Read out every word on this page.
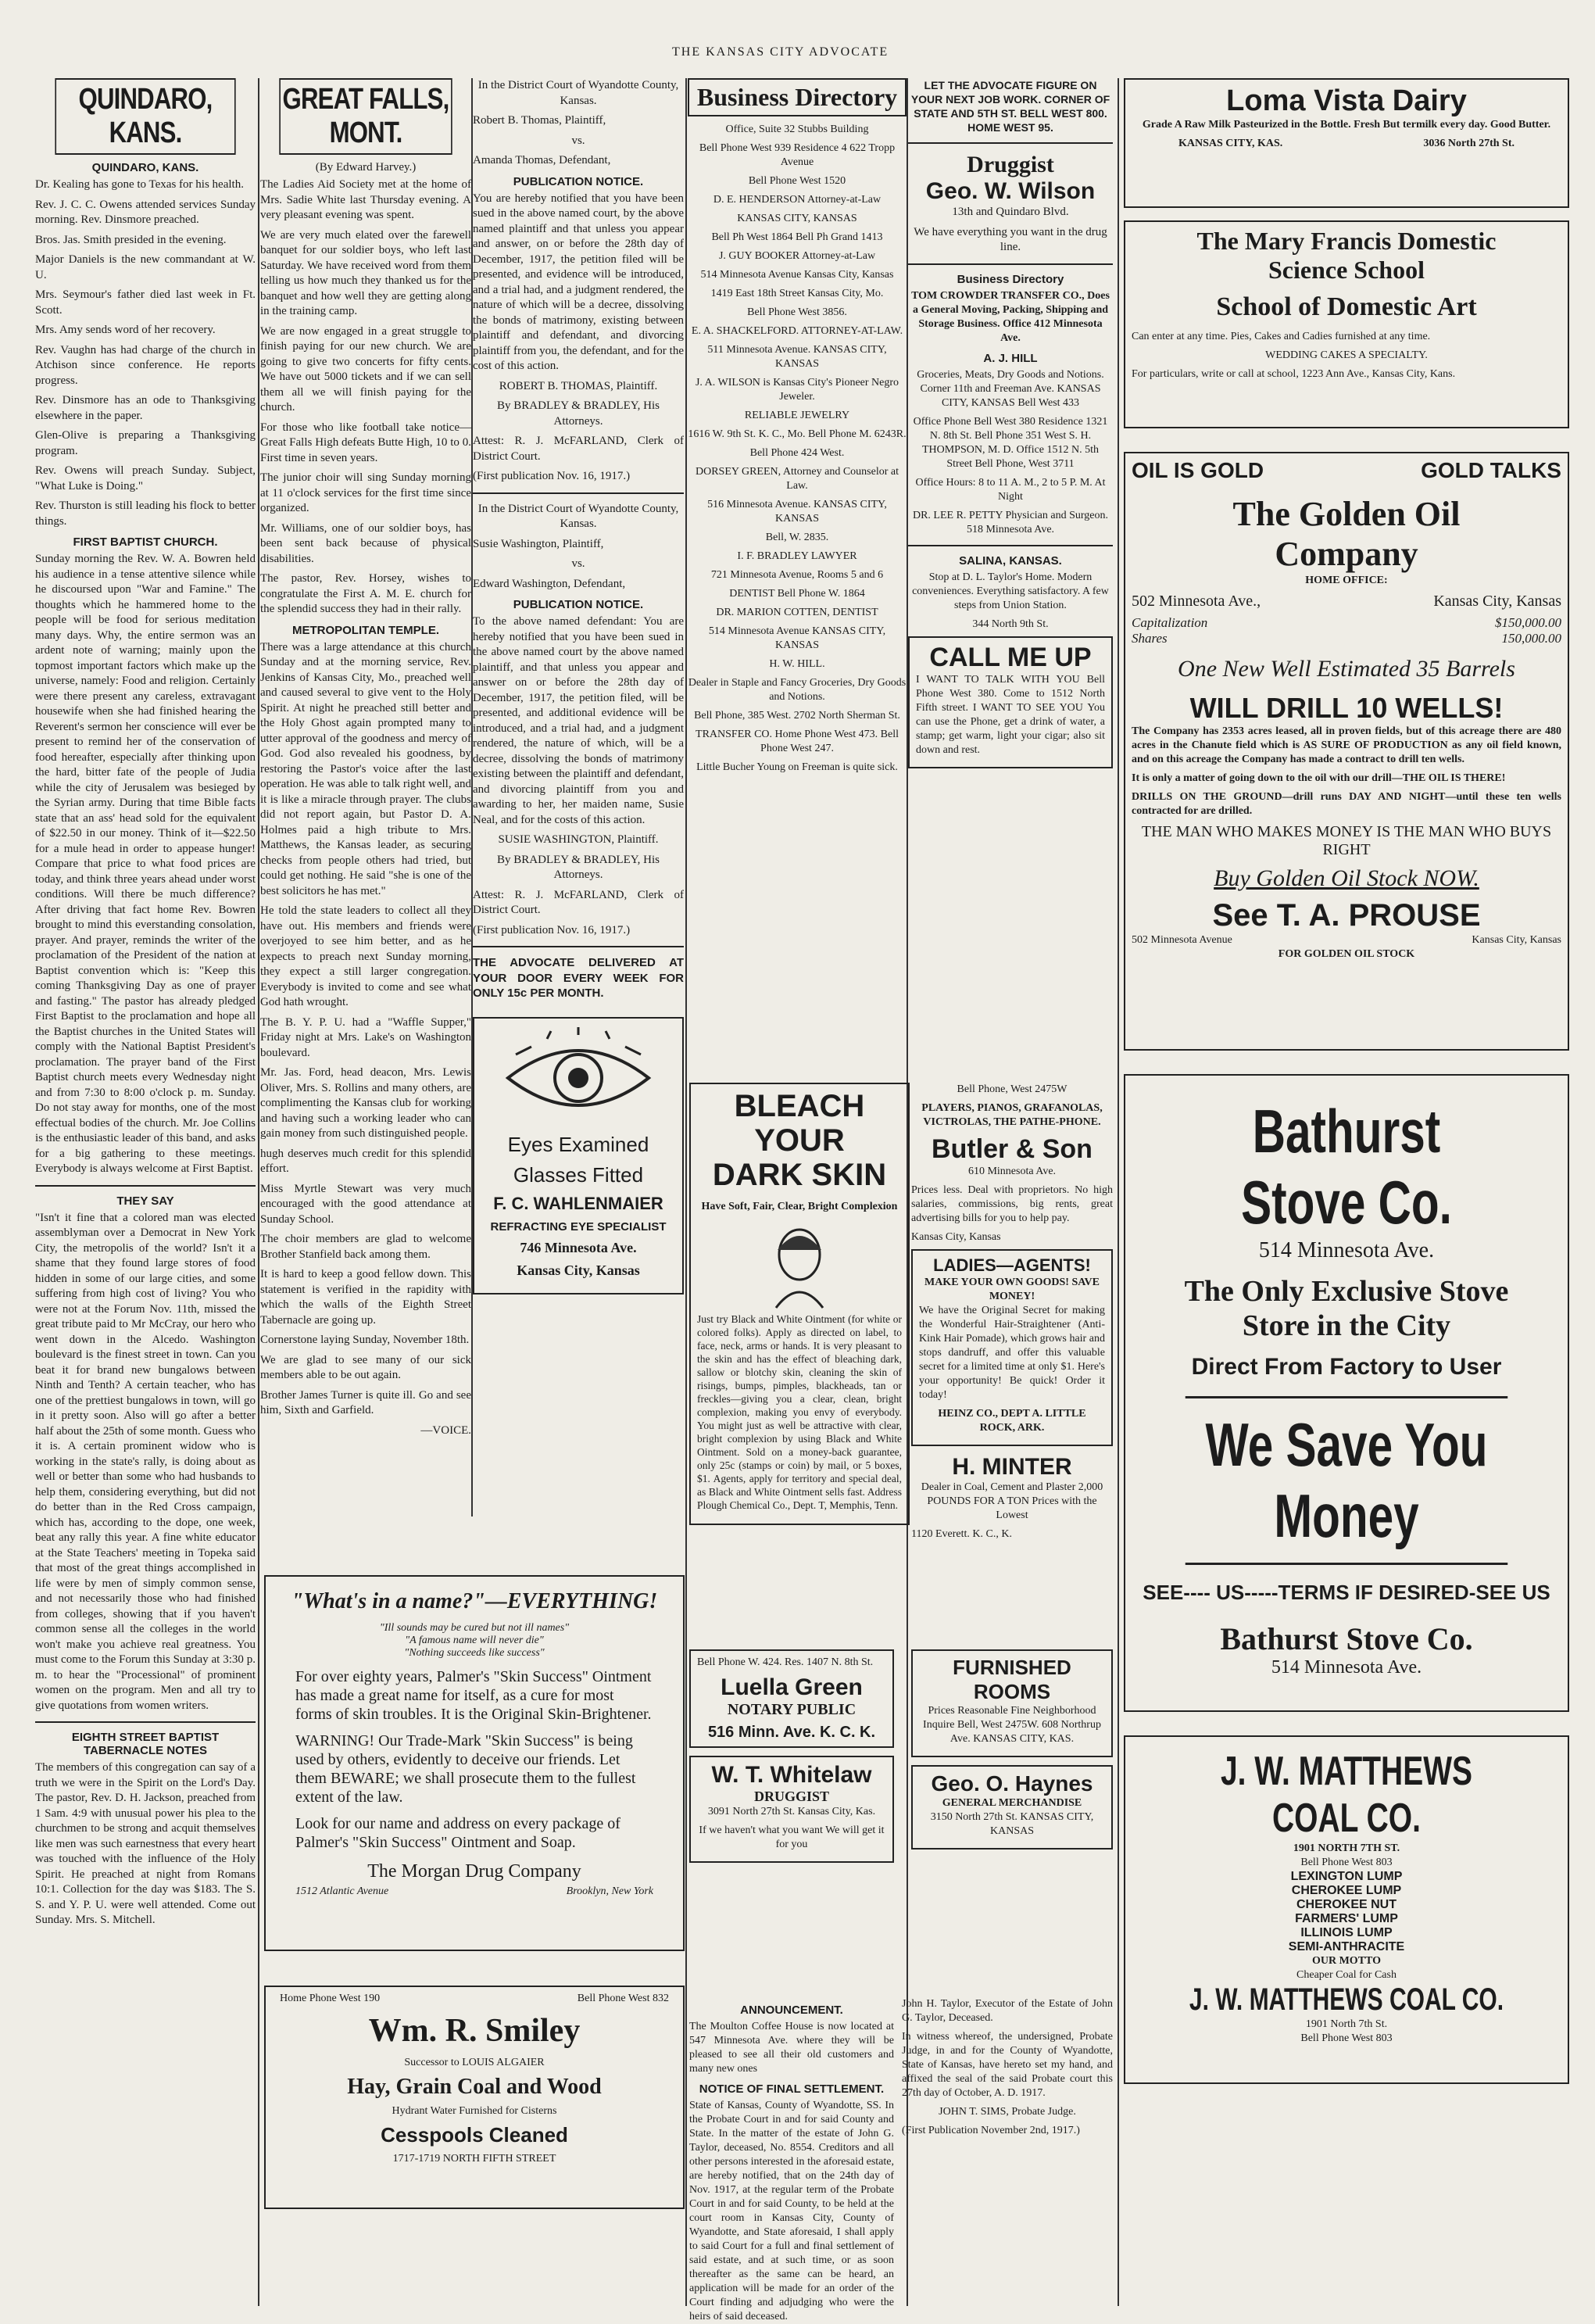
THE KANSAS CITY ADVOCATE
QUINDARO, KANS.
QUINDARO, KANS.

Dr. Kealing has gone to Texas for his health.

Rev. J. C. C. Owens attended services Sunday morning. Rev. Dinsmore preached.

Bros. Jas. Smith presided in the evening.

Major Daniels is the new commandant at W. U.

Mrs. Seymour's father died last week in Ft. Scott.

Mrs. Amy sends word of her recovery.

Rev. Vaughn has had charge of the church in Atchison since conference. He reports progress.

Rev. Dinsmore has an ode to Thanksgiving elsewhere in the paper.

Glen-Olive is preparing a Thanksgiving program.

Rev. Owens will preach Sunday. Subject, "What Luke is Doing."

Rev. Thurston is still leading his flock to better things.

FIRST BAPTIST CHURCH.

Sunday morning the Rev. W. A. Bowren held his audience in a tense attentive silence while he discoursed upon "War and Famine." The thoughts which he hammered home to the people will be food for serious meditation many days. Why, the entire sermon was an ardent note of warning; mainly upon the topmost important factors which make up the universe, namely: Food and religion. Certainly were there present any careless, extravagant housewife when she had finished hearing the Reverent's sermon her conscience will ever be present to remind her of the conservation of food hereafter, especially after thinking upon the hard, bitter fate of the people of Judia while the city of Jerusalem was besieged by the Syrian army. During that time Bible facts state that an ass' head sold for the equivalent of $22.50 in our money. Think of it—$22.50 for a mule head in order to appease hunger! Compare that price to what food prices are today, and think three years ahead under worst conditions. Will there be much difference? After driving that fact home Rev. Bowren brought to mind this everstanding consolation, prayer. And prayer, reminds the writer of the proclamation of the President of the nation at Baptist convention which is: "Keep this coming Thanksgiving Day as one of prayer and fasting." The pastor has already pledged First Baptist to the proclamation and hope all the Baptist churches in the United States will comply with the National Baptist President's proclamation. The prayer band of the First Baptist church meets every Wednesday night and from 7:30 to 8:00 o'clock p. m. Sunday. Do not stay away for months, one of the most effectual bodies of the church. Mr. Joe Collins is the enthusiastic leader of this band, and asks for a big gathering to these meetings. Everybody is always welcome at First Baptist.

THEY SAY

"Isn't it fine that a colored man was elected assemblyman over a Democrat in New York City, the metropolis of the world? Isn't it a shame that they found large stores of food hidden in some of our large cities, and some suffering from high cost of living? You who were not at the Forum Nov. 11th, missed the great tribute paid to Mr McCray, our hero who went down in the Alcedo. Washington boulevard is the finest street in town. Can you beat it for brand new bungalows between Ninth and Tenth? A certain teacher, who has one of the prettiest bungalows in town, will go in it pretty soon. Also will go after a better half about the 25th of some month. Guess who it is. A certain prominent widow who is working in the state's rally, is doing about as well or better than some who had husbands to help them, considering everything, but did not do better than in the Red Cross campaign, which has, according to the dope, one week, beat any rally this year. A fine white educator at the State Teachers' meeting in Topeka said that most of the great things accomplished in life were by men of simply common sense, and not necessarily those who had finished from colleges, showing that if you haven't common sense all the colleges in the world won't make you achieve real greatness. You must come to the Forum this Sunday at 3:30 p. m. to hear the "Processional" of prominent women on the program. Men and all try to give quotations from women writers.

EIGHTH STREET BAPTIST TABERNACLE NOTES

The members of this congregation can say of a truth we were in the Spirit on the Lord's Day. The pastor, Rev. D. H. Jackson, preached from 1 Sam. 4:9 with unusual power his plea to the churchmen to be strong and acquit themselves like men was such earnestness that every heart was touched with the influence of the Holy Spirit. He preached at night from Romans 10:1. Collection for the day was $183. The S. S. and Y. P. U. were well attended. Come out Sunday. Mrs. S. Mitchell.

GREAT FALLS, MONT.
(By Edward Harvey.)

The Ladies Aid Society met at the home of Mrs. Sadie White last Thursday evening. A very pleasant evening was spent.

We are very much elated over the farewell banquet for our soldier boys, who left last Saturday. We have received word from them telling us how much they thanked us for the banquet and how well they are getting along in the training camp.

We are now engaged in a great struggle to finish paying for our new church. We are going to give two concerts for fifty cents. We have out 5000 tickets and if we can sell them all we will finish paying for the church.

For those who like football take notice—Great Falls High defeats Butte High, 10 to 0. First time in seven years.

The junior choir will sing Sunday morning at 11 o'clock services for the first time since organized.

Mr. Williams, one of our soldier boys, has been sent back because of physical disabilities.

The pastor, Rev. Horsey, wishes to congratulate the First A. M. E. church for the splendid success they had in their rally.

METROPOLITAN TEMPLE.

There was a large attendance at this church Sunday and at the morning service, Rev. Jenkins of Kansas City, Mo., preached well and caused several to give vent to the Holy Spirit. At night he preached still better and the Holy Ghost again prompted many to utter approval of the goodness and mercy of God. God also revealed his goodness, by restoring the Pastor's voice after the last operation. He was able to talk right well, and it is like a miracle through prayer. The clubs did not report again, but Pastor D. A. Holmes paid a high tribute to Mrs. Matthews, the Kansas leader, as securing checks from people others had tried, but could get nothing. He said "she is one of the best solicitors he has met."

He told the state leaders to collect all they have out. His members and friends were overjoyed to see him better, and as he expects to preach next Sunday morning, they expect a still larger congregation. Everybody is invited to come and see what God hath wrought.

The B. Y. P. U. had a "Waffle Supper," Friday night at Mrs. Lake's on Washington boulevard.

Mr. Jas. Ford, head deacon, Mrs. Lewis Oliver, Mrs. S. Rollins and many others, are complimenting the Kansas club for working and having such a working leader who can gain money from such distinguished people.

hugh deserves much credit for this splendid effort.

Miss Myrtle Stewart was very much encouraged with the good attendance at Sunday School.

The choir members are glad to welcome Brother Stanfield back among them.

It is hard to keep a good fellow down. This statement is verified in the rapidity with which the walls of the Eighth Street Tabernacle are going up.

Cornerstone laying Sunday, November 18th.

We are glad to see many of our sick members able to be out again.

Brother James Turner is quite ill. Go and see him, Sixth and Garfield.

—VOICE.

In the District Court of Wyandotte County, Kansas.

Robert B. Thomas, Plaintiff,

vs.

Amanda Thomas, Defendant,

PUBLICATION NOTICE.

You are hereby notified that you have been sued in the above named court, by the above named plaintiff and that unless you appear and answer, on or before the 28th day of December, 1917, the petition filed will be presented, and evidence will be introduced, and a trial had, and a judgment rendered, the nature of which will be a decree, dissolving the bonds of matrimony, existing between plaintiff and defendant, and divorcing plaintiff from you, the defendant, and for the cost of this action.

ROBERT B. THOMAS, Plaintiff.

By BRADLEY & BRADLEY, His Attorneys.

Attest: R. J. McFARLAND, Clerk of District Court.

(First publication Nov. 16, 1917.)

In the District Court of Wyandotte County, Kansas.

Susie Washington, Plaintiff,

vs.

Edward Washington, Defendant,

PUBLICATION NOTICE.

To the above named defendant: You are hereby notified that you have been sued in the above named court by the above named plaintiff, and that unless you appear and answer on or before the 28th day of December, 1917, the petition filed, will be presented, and additional evidence will be introduced, and a trial had, and a judgment rendered, the nature of which, will be a decree, dissolving the bonds of matrimony existing between the plaintiff and defendant, and divorcing plaintiff from you and awarding to her, her maiden name, Susie Neal, and for the costs of this action.

SUSIE WASHINGTON, Plaintiff.

By BRADLEY & BRADLEY, His Attorneys.

Attest: R. J. McFARLAND, Clerk of District Court.

(First publication Nov. 16, 1917.)

THE ADVOCATE DELIVERED AT YOUR DOOR EVERY WEEK FOR ONLY 15c PER MONTH.

Eyes Examined
Glasses Fitted
F. C. WAHLENMAIER
REFRACTING EYE SPECIALIST
746 Minnesota Ave.
Kansas City, Kansas
Business Directory

Office, Suite 32 Stubbs Building

Bell Phone West 939 Residence 4 622 Tropp Avenue

Bell Phone West 1520

D. E. HENDERSON Attorney-at-Law

KANSAS CITY, KANSAS

Bell Ph West 1864 Bell Ph Grand 1413

J. GUY BOOKER Attorney-at-Law

514 Minnesota Avenue Kansas City, Kansas

1419 East 18th Street Kansas City, Mo.

Bell Phone West 3856.

E. A. SHACKELFORD. ATTORNEY-AT-LAW.

511 Minnesota Avenue. KANSAS CITY, KANSAS

J. A. WILSON is Kansas City's Pioneer Negro Jeweler.

RELIABLE JEWELRY

1616 W. 9th St. K. C., Mo. Bell Phone M. 6243R.

Bell Phone 424 West.

DORSEY GREEN, Attorney and Counselor at Law.

516 Minnesota Avenue. KANSAS CITY, KANSAS

Bell, W. 2835.

I. F. BRADLEY LAWYER

721 Minnesota Avenue, Rooms 5 and 6

DENTIST Bell Phone W. 1864

DR. MARION COTTEN, DENTIST

514 Minnesota Avenue KANSAS CITY, KANSAS

H. W. HILL.

Dealer in Staple and Fancy Groceries, Dry Goods and Notions.

Bell Phone, 385 West. 2702 North Sherman St.

TRANSFER CO. Home Phone West 473. Bell Phone West 247.

Little Bucher Young on Freeman is quite sick.

LET THE ADVOCATE FIGURE ON YOUR NEXT JOB WORK. CORNER OF STATE AND 5TH ST. BELL WEST 800. HOME WEST 95.

Druggist
Geo. W. Wilson
13th and Quindaro Blvd.
We have everything you want in the drug line.
Business Directory

TOM CROWDER TRANSFER CO., Does a General Moving, Packing, Shipping and Storage Business. Office 412 Minnesota Ave.

A. J. HILL

Groceries, Meats, Dry Goods and Notions. Corner 11th and Freeman Ave. KANSAS CITY, KANSAS Bell West 433

Office Phone Bell West 380 Residence 1321 N. 8th St. Bell Phone 351 West S. H. THOMPSON, M. D. Office 1512 N. 5th Street Bell Phone, West 3711

Office Hours: 8 to 11 A. M., 2 to 5 P. M. At Night

DR. LEE R. PETTY Physician and Surgeon. 518 Minnesota Ave.

SALINA, KANSAS.

Stop at D. L. Taylor's Home. Modern conveniences. Everything satisfactory. A few steps from Union Station.

344 North 9th St.

CALL ME UP

I WANT TO TALK WITH YOU Bell Phone West 380. Come to 1512 North Fifth street. I WANT TO SEE YOU You can use the Phone, get a drink of water, a stamp; get warm, light your cigar; also sit down and rest.

"What's in a name?"—EVERYTHING!
"Ill sounds may be cured but not ill names"
"A famous name will never die"
"Nothing succeeds like success"

For over eighty years, Palmer's "Skin Success" Ointment has made a great name for itself, as a cure for most forms of skin troubles. It is the Original Skin-Brightener.

WARNING! Our Trade-Mark "Skin Success" is being used by others, evidently to deceive our friends. Let them BEWARE; we shall prosecute them to the fullest extent of the law.

Look for our name and address on every package of Palmer's "Skin Success" Ointment and Soap.

The Morgan Drug Company
1512 Atlantic Avenue	Brooklyn, New York
Home Phone West 190	Bell Phone West 832
Wm. R. Smiley
Successor to LOUIS ALGAIER
Hay, Grain Coal and Wood
Hydrant Water Furnished for Cisterns
Cesspools Cleaned
1717-1719 NORTH FIFTH STREET
BLEACH YOUR
DARK SKIN
Have Soft, Fair, Clear, Bright Complexion

Just try Black and White Ointment (for white or colored folks). Apply as directed on label, to face, neck, arms or hands. It is very pleasant to the skin and has the effect of bleaching dark, sallow or blotchy skin, cleaning the skin of risings, bumps, pimples, blackheads, tan or freckles—giving you a clear, clean, bright complexion, making you envy of everybody. You might just as well be attractive with clear, bright complexion by using Black and White Ointment. Sold on a money-back guarantee, only 25c (stamps or coin) by mail, or 5 boxes, $1. Agents, apply for territory and special deal, as Black and White Ointment sells fast. Address Plough Chemical Co., Dept. T, Memphis, Tenn.

Bell Phone, West 2475W

PLAYERS, PIANOS, GRAFANOLAS, VICTROLAS, THE PATHE-PHONE.

Butler & Son

610 Minnesota Ave.

Prices less. Deal with proprietors. No high salaries, commissions, big rents, great advertising bills for you to help pay.

Kansas City, Kansas

LADIES—AGENTS!
MAKE YOUR OWN GOODS! SAVE MONEY!

We have the Original Secret for making the Wonderful Hair-Straightener (Anti-Kink Hair Pomade), which grows hair and stops dandruff, and offer this valuable secret for a limited time at only $1. Here's your opportunity! Be quick! Order it today!

HEINZ CO., DEPT A. LITTLE ROCK, ARK.

H. MINTER

Dealer in Coal, Cement and Plaster 2,000 POUNDS FOR A TON Prices with the Lowest

1120 Everett. K. C., K.

Bell Phone W. 424. Res. 1407 N. 8th St.

Luella Green
NOTARY PUBLIC
516 Minn. Ave. K. C. K.
W. T. Whitelaw
DRUGGIST

3091 North 27th St. Kansas City, Kas.

If we haven't what you want We will get it for you

FURNISHED ROOMS

Prices Reasonable Fine Neighborhood Inquire Bell, West 2475W. 608 Northrup Ave. KANSAS CITY, KAS.

Geo. O. Haynes
GENERAL MERCHANDISE

3150 North 27th St. KANSAS CITY, KANSAS

ANNOUNCEMENT.

The Moulton Coffee House is now located at 547 Minnesota Ave. where they will be pleased to see all their old customers and many new ones

NOTICE OF FINAL SETTLEMENT.

State of Kansas, County of Wyandotte, SS. In the Probate Court in and for said County and State. In the matter of the estate of John G. Taylor, deceased, No. 8554. Creditors and all other persons interested in the aforesaid estate, are hereby notified, that on the 24th day of Nov. 1917, at the regular term of the Probate Court in and for said County, to be held at the court room in Kansas City, County of Wyandotte, and State aforesaid, I shall apply to said Court for a full and final settlement of said estate, and at such time, or as soon thereafter as the same can be heard, an application will be made for an order of the Court finding and adjudging who were the heirs of said deceased.

John H. Taylor, Executor of the Estate of John G. Taylor, Deceased.

In witness whereof, the undersigned, Probate Judge, in and for the County of Wyandotte, State of Kansas, have hereto set my hand, and affixed the seal of the said Probate court this 27th day of October, A. D. 1917.

JOHN T. SIMS, Probate Judge.

(First Publication November 2nd, 1917.)

Loma Vista Dairy

Grade A Raw Milk Pasteurized in the Bottle. Fresh But termilk every day. Good Butter.

KANSAS CITY, KAS.	3036 North 27th St.
The Mary Francis Domestic
Science School
School of Domestic Art

Can enter at any time. Pies, Cakes and Cadies furnished at any time.

WEDDING CAKES A SPECIALTY.

For particulars, write or call at school, 1223 Ann Ave., Kansas City, Kans.

OIL IS GOLD	GOLD TALKS
The Golden Oil
Company
HOME OFFICE:
502 Minnesota Ave.,	Kansas City, Kansas
Capitalization	$150,000.00
Shares	150,000.00
One New Well Estimated 35 Barrels
WILL DRILL 10 WELLS!

The Company has 2353 acres leased, all in proven fields, but of this acreage there are 480 acres in the Chanute field which is AS SURE OF PRODUCTION as any oil field known, and on this acreage the Company has made a contract to drill ten wells.

It is only a matter of going down to the oil with our drill—THE OIL IS THERE!

DRILLS ON THE GROUND—drill runs DAY AND NIGHT—until these ten wells contracted for are drilled.

THE MAN WHO MAKES MONEY IS THE MAN WHO BUYS RIGHT
Buy Golden Oil Stock NOW.
See T. A. PROUSE
502 Minnesota Avenue	Kansas City, Kansas
FOR GOLDEN OIL STOCK
Bathurst Stove Co.
514 Minnesota Ave.
The Only Exclusive Stove
Store in the City
Direct From Factory to User
We Save You Money
SEE---- US-----TERMS IF DESIRED-SEE US
Bathurst Stove Co.
514 Minnesota Ave.
J. W. MATTHEWS COAL CO.
1901 NORTH 7TH ST.
Bell Phone West 803
LEXINGTON LUMP
CHEROKEE LUMP
CHEROKEE NUT
FARMERS' LUMP
ILLINOIS LUMP
SEMI-ANTHRACITE
OUR MOTTO
Cheaper Coal for Cash
J. W. MATTHEWS COAL CO.
1901 North 7th St.
Bell Phone West 803
